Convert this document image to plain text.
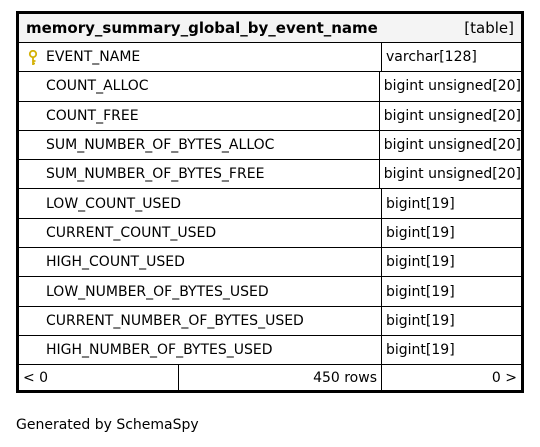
memory_summary_global_by_event_name	[table]
EVENT_NAME	varchar[128]
COUNT_ALLOC	bigint unsigned[20]
COUNT_FREE	bigint unsigned[20]
SUM_NUMBER_OF_BYTES_ALLOC	bigint unsigned[20]
SUM_NUMBER_OF_BYTES_FREE	bigint unsigned[20]
LOW_COUNT_USED	bigint[19]
CURRENT_COUNT_USED	bigint[19]
HIGH_COUNT_USED	bigint[19]
LOW_NUMBER_OF_BYTES_USED	bigint[19]
CURRENT_NUMBER_OF_BYTES_USED	bigint[19]
HIGH_NUMBER_OF_BYTES_USED	bigint[19]
< 0	450 rows	0 >
Generated by SchemaSpy
